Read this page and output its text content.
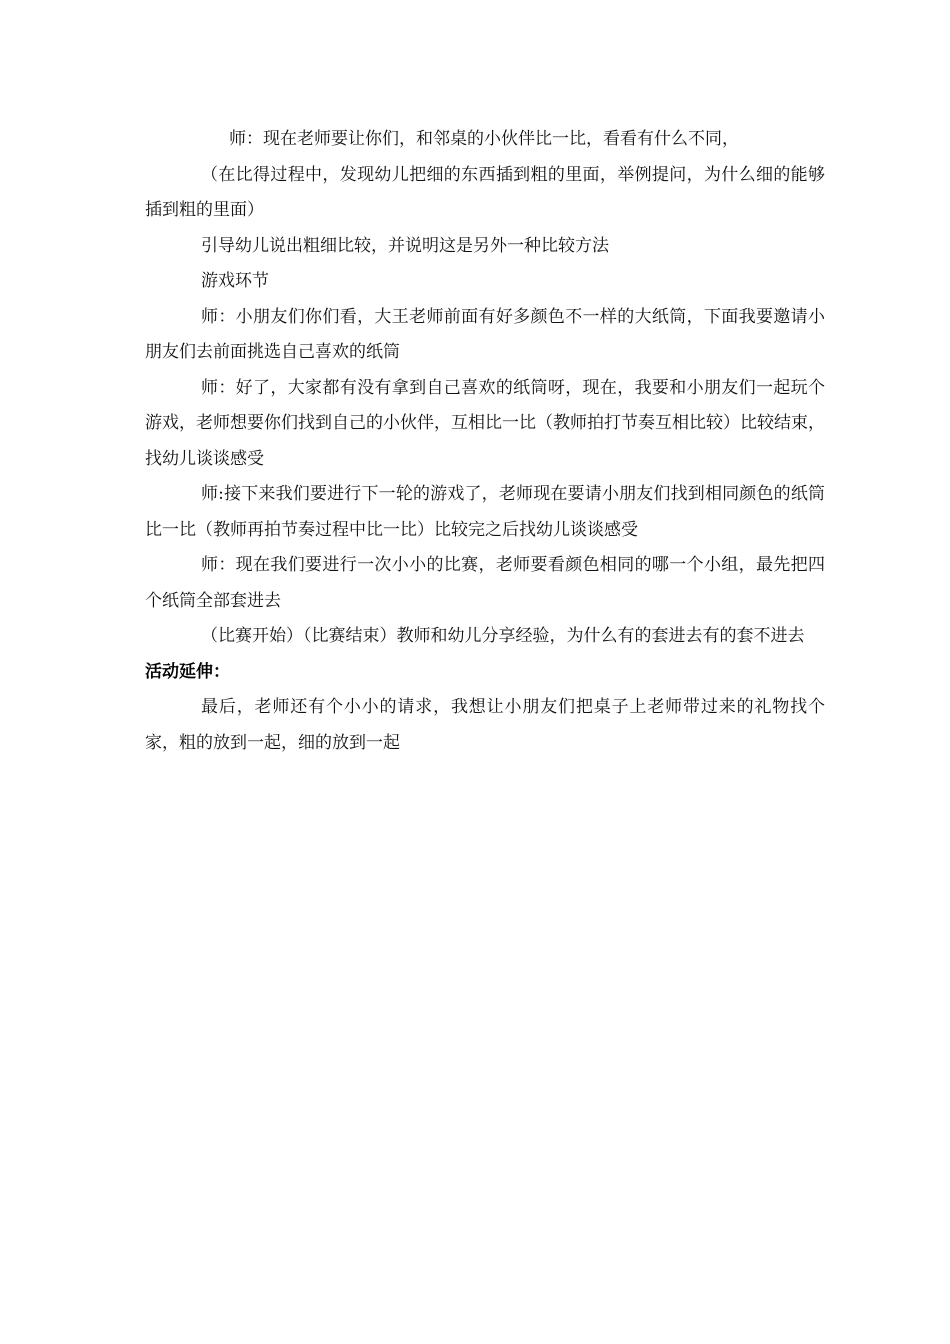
师：现在老师要让你们，和邻桌的小伙伴比一比，看看有什么不同，

（在比得过程中，发现幼儿把细的东西插到粗的里面，举例提问，为什么细的能够插到粗的里面）

引导幼儿说出粗细比较，并说明这是另外一种比较方法

游戏环节

师：小朋友们你们看，大王老师前面有好多颜色不一样的大纸筒，下面我要邀请小朋友们去前面挑选自己喜欢的纸筒

师：好了，大家都有没有拿到自己喜欢的纸筒呀，现在，我要和小朋友们一起玩个游戏，老师想要你们找到自己的小伙伴，互相比一比（教师拍打节奏互相比较）比较结束，找幼儿谈谈感受

师:接下来我们要进行下一轮的游戏了，老师现在要请小朋友们找到相同颜色的纸筒比一比（教师再拍节奏过程中比一比）比较完之后找幼儿谈谈感受

师：现在我们要进行一次小小的比赛，老师要看颜色相同的哪一个小组，最先把四个纸筒全部套进去

（比赛开始）（比赛结束）教师和幼儿分享经验，为什么有的套进去有的套不进去

活动延伸：

最后，老师还有个小小的请求，我想让小朋友们把桌子上老师带过来的礼物找个家，粗的放到一起，细的放到一起
